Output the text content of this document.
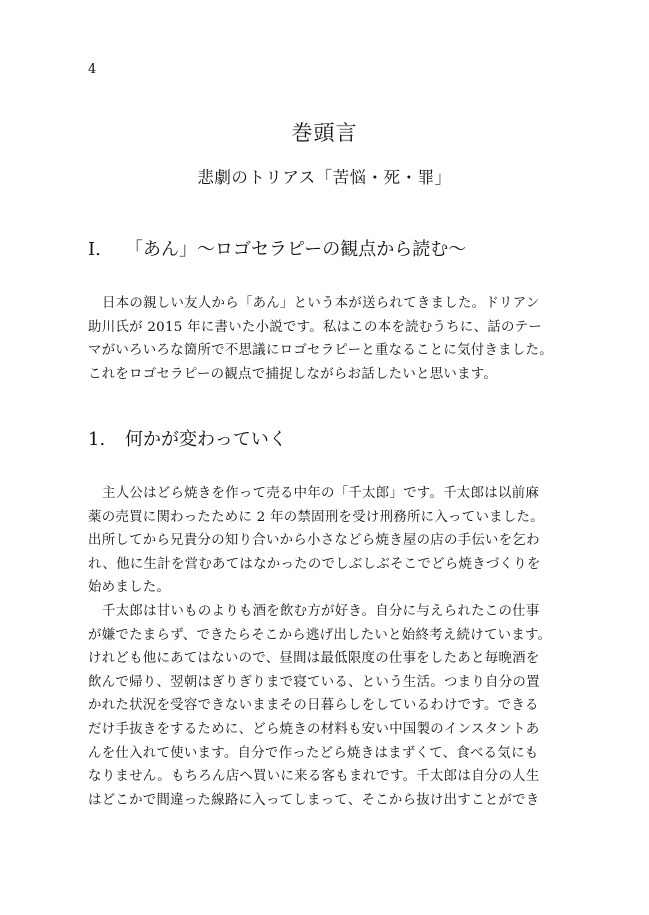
4
巻頭言
悲劇のトリアス「苦悩・死・罪」
I. 「あん」〜ロゴセラピーの観点から読む〜
日本の親しい友人から「あん」という本が送られてきました。ドリアン
助川氏が 2015 年に書いた小説です。私はこの本を読むうちに、話のテー
マがいろいろな箇所で不思議にロゴセラピーと重なることに気付きました。
これをロゴセラピーの観点で捕捉しながらお話したいと思います。
1. 何かが変わっていく
主人公はどら焼きを作って売る中年の「千太郎」です。千太郎は以前麻
薬の売買に関わったために 2 年の禁固刑を受け刑務所に入っていました。
出所してから兄貴分の知り合いから小さなどら焼き屋の店の手伝いを乞わ
れ、他に生計を営むあてはなかったのでしぶしぶそこでどら焼きづくりを
始めました。
千太郎は甘いものよりも酒を飲む方が好き。自分に与えられたこの仕事
が嫌でたまらず、できたらそこから逃げ出したいと始終考え続けています。
けれども他にあてはないので、昼間は最低限度の仕事をしたあと毎晩酒を
飲んで帰り、翌朝はぎりぎりまで寝ている、という生活。つまり自分の置
かれた状況を受容できないままその日暮らしをしているわけです。できる
だけ手抜きをするために、どら焼きの材料も安い中国製のインスタントあ
んを仕入れて使います。自分で作ったどら焼きはまずくて、食べる気にも
なりません。もちろん店へ買いに来る客もまれです。千太郎は自分の人生
はどこかで間違った線路に入ってしまって、そこから抜け出すことができ
